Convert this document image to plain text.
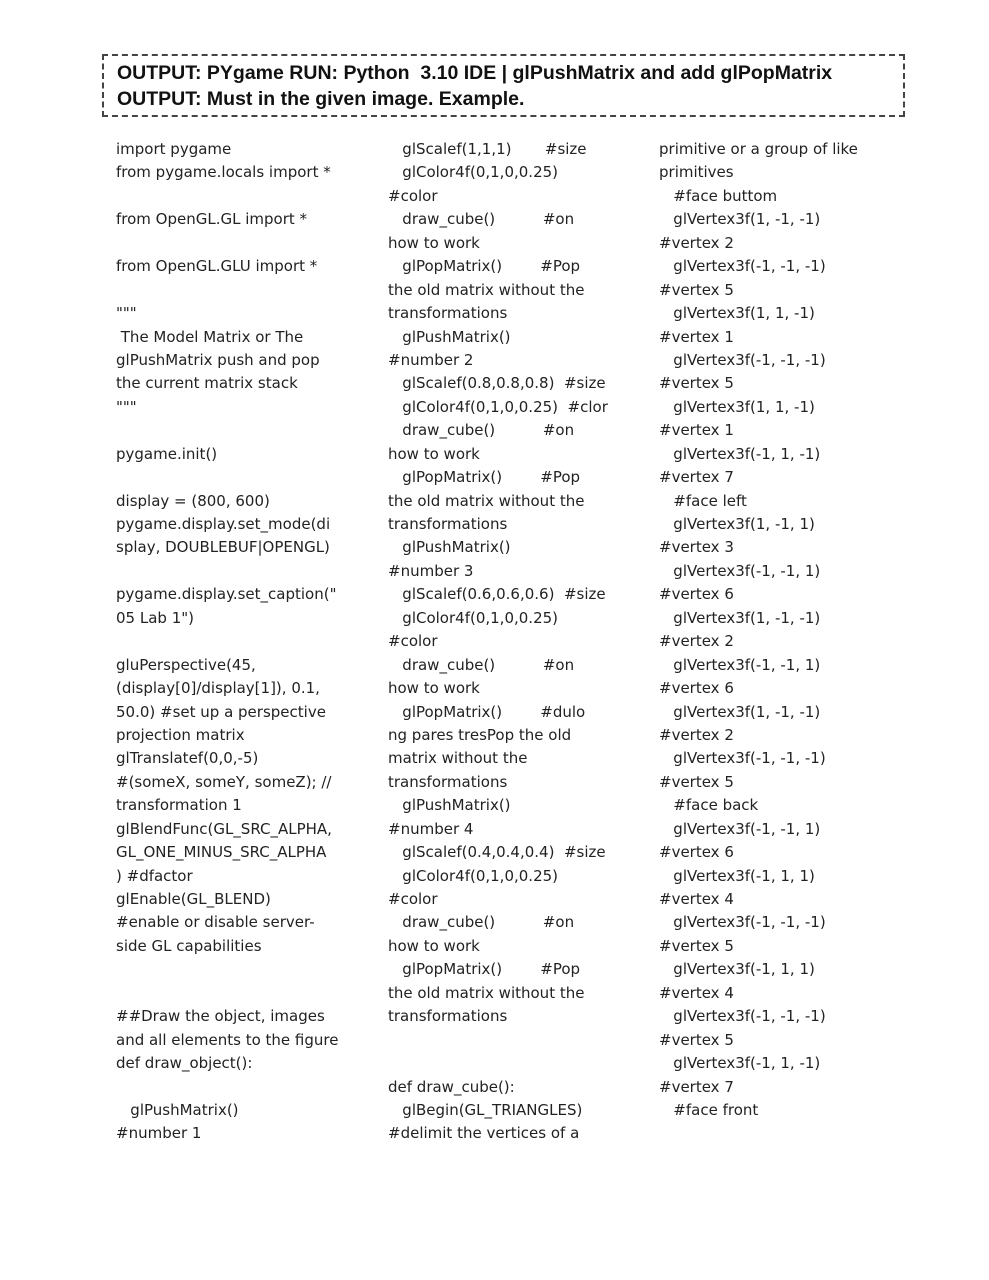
OUTPUT: PYgame RUN: Python  3.10 IDE | glPushMatrix and add glPopMatrix
OUTPUT: Must in the given image. Example.
import pygame
from pygame.locals import *
from OpenGL.GL import *
from OpenGL.GLU import *
"""
The Model Matrix or The
glPushMatrix push and pop
the current matrix stack
"""
pygame.init()
display = (800, 600)
pygame.display.set_mode(di
splay, DOUBLEBUF|OPENGL)
pygame.display.set_caption("
05 Lab 1")
gluPerspective(45,
(display[0]/display[1]), 0.1,
50.0) #set up a perspective
projection matrix
glTranslatef(0,0,-5)
#(someX, someY, someZ); //
transformation 1
glBlendFunc(GL_SRC_ALPHA,
GL_ONE_MINUS_SRC_ALPHA
) #dfactor
glEnable(GL_BLEND)
#enable or disable server-
side GL capabilities
##Draw the object, images
and all elements to the figure
def draw_object():
glPushMatrix()
#number 1
glScalef(1,1,1)       #size
glColor4f(0,1,0,0.25)
#color
draw_cube()          #on
how to work
glPopMatrix()        #Pop
the old matrix without the
transformations
glPushMatrix()
#number 2
glScalef(0.8,0.8,0.8)  #size
glColor4f(0,1,0,0.25)  #clor
draw_cube()          #on
how to work
glPopMatrix()        #Pop
the old matrix without the
transformations
glPushMatrix()
#number 3
glScalef(0.6,0.6,0.6)  #size
glColor4f(0,1,0,0.25)
#color
draw_cube()          #on
how to work
glPopMatrix()        #dulo
ng pares tresPop the old
matrix without the
transformations
glPushMatrix()
#number 4
glScalef(0.4,0.4,0.4)  #size
glColor4f(0,1,0,0.25)
#color
draw_cube()          #on
how to work
glPopMatrix()        #Pop
the old matrix without the
transformations
def draw_cube():
glBegin(GL_TRIANGLES)
#delimit the vertices of a
primitive or a group of like
primitives
#face buttom
glVertex3f(1, -1, -1)
#vertex 2
glVertex3f(-1, -1, -1)
#vertex 5
glVertex3f(1, 1, -1)
#vertex 1
glVertex3f(-1, -1, -1)
#vertex 5
glVertex3f(1, 1, -1)
#vertex 1
glVertex3f(-1, 1, -1)
#vertex 7
#face left
glVertex3f(1, -1, 1)
#vertex 3
glVertex3f(-1, -1, 1)
#vertex 6
glVertex3f(1, -1, -1)
#vertex 2
glVertex3f(-1, -1, 1)
#vertex 6
glVertex3f(1, -1, -1)
#vertex 2
glVertex3f(-1, -1, -1)
#vertex 5
#face back
glVertex3f(-1, -1, 1)
#vertex 6
glVertex3f(-1, 1, 1)
#vertex 4
glVertex3f(-1, -1, -1)
#vertex 5
glVertex3f(-1, 1, 1)
#vertex 4
glVertex3f(-1, -1, -1)
#vertex 5
glVertex3f(-1, 1, -1)
#vertex 7
#face front
